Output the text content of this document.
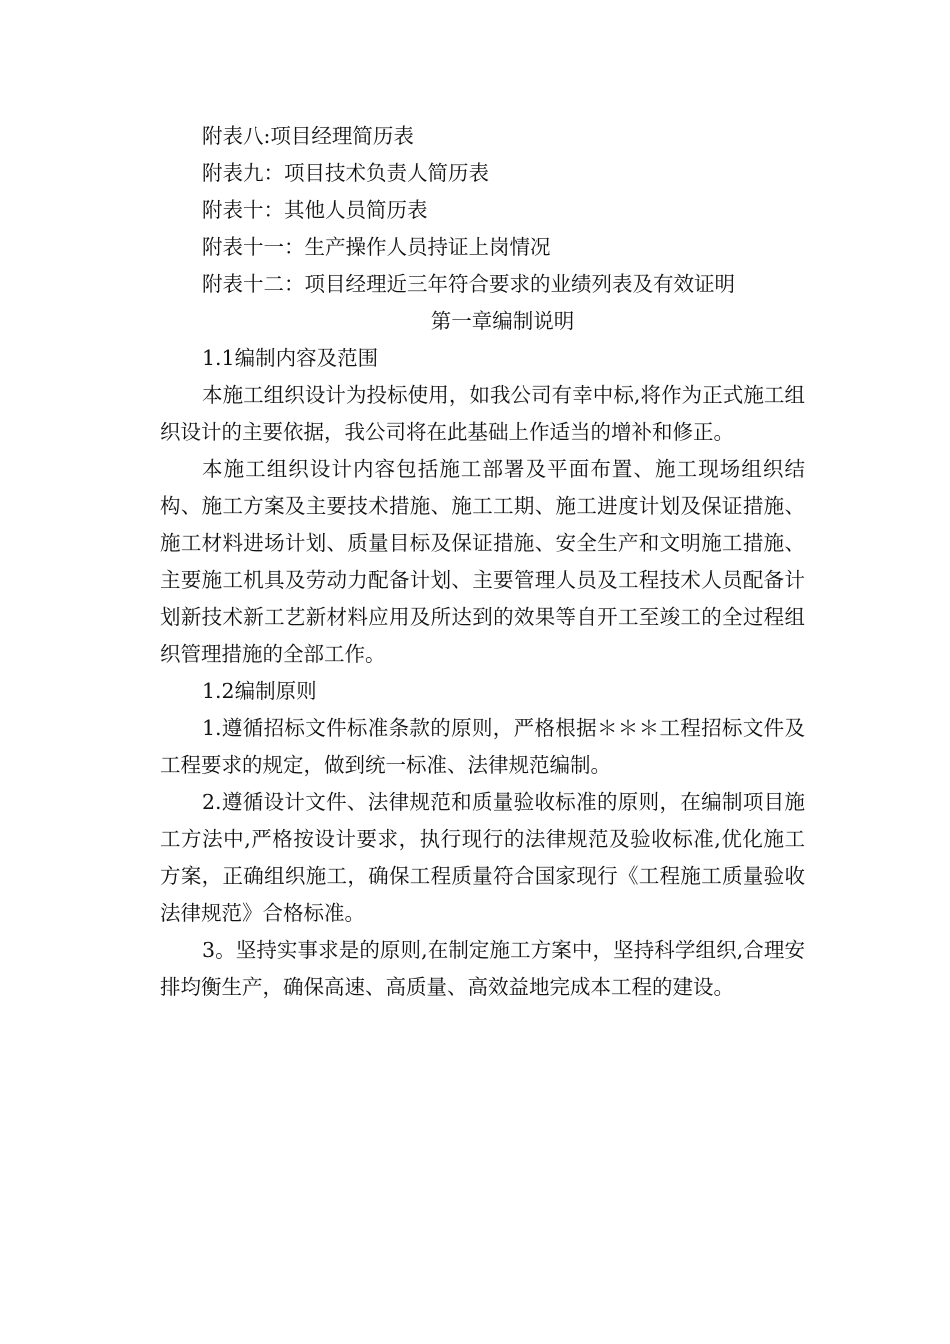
附表八:项目经理简历表

附表九：项目技术负责人简历表

附表十：其他人员简历表

附表十一：生产操作人员持证上岗情况

附表十二：项目经理近三年符合要求的业绩列表及有效证明

第一章编制说明

1.1编制内容及范围

本施工组织设计为投标使用，如我公司有幸中标,将作为正式施工组织设计的主要依据，我公司将在此基础上作适当的增补和修正。

本施工组织设计内容包括施工部署及平面布置、施工现场组织结构、施工方案及主要技术措施、施工工期、施工进度计划及保证措施、施工材料进场计划、质量目标及保证措施、安全生产和文明施工措施、主要施工机具及劳动力配备计划、主要管理人员及工程技术人员配备计划新技术新工艺新材料应用及所达到的效果等自开工至竣工的全过程组织管理措施的全部工作。

1.2编制原则

1.遵循招标文件标准条款的原则，严格根据＊＊＊工程招标文件及工程要求的规定，做到统一标准、法律规范编制。

2.遵循设计文件、法律规范和质量验收标准的原则，在编制项目施工方法中,严格按设计要求，执行现行的法律规范及验收标准,优化施工方案，正确组织施工，确保工程质量符合国家现行《工程施工质量验收法律规范》合格标准。

3。坚持实事求是的原则,在制定施工方案中，坚持科学组织,合理安排均衡生产，确保高速、高质量、高效益地完成本工程的建设。
